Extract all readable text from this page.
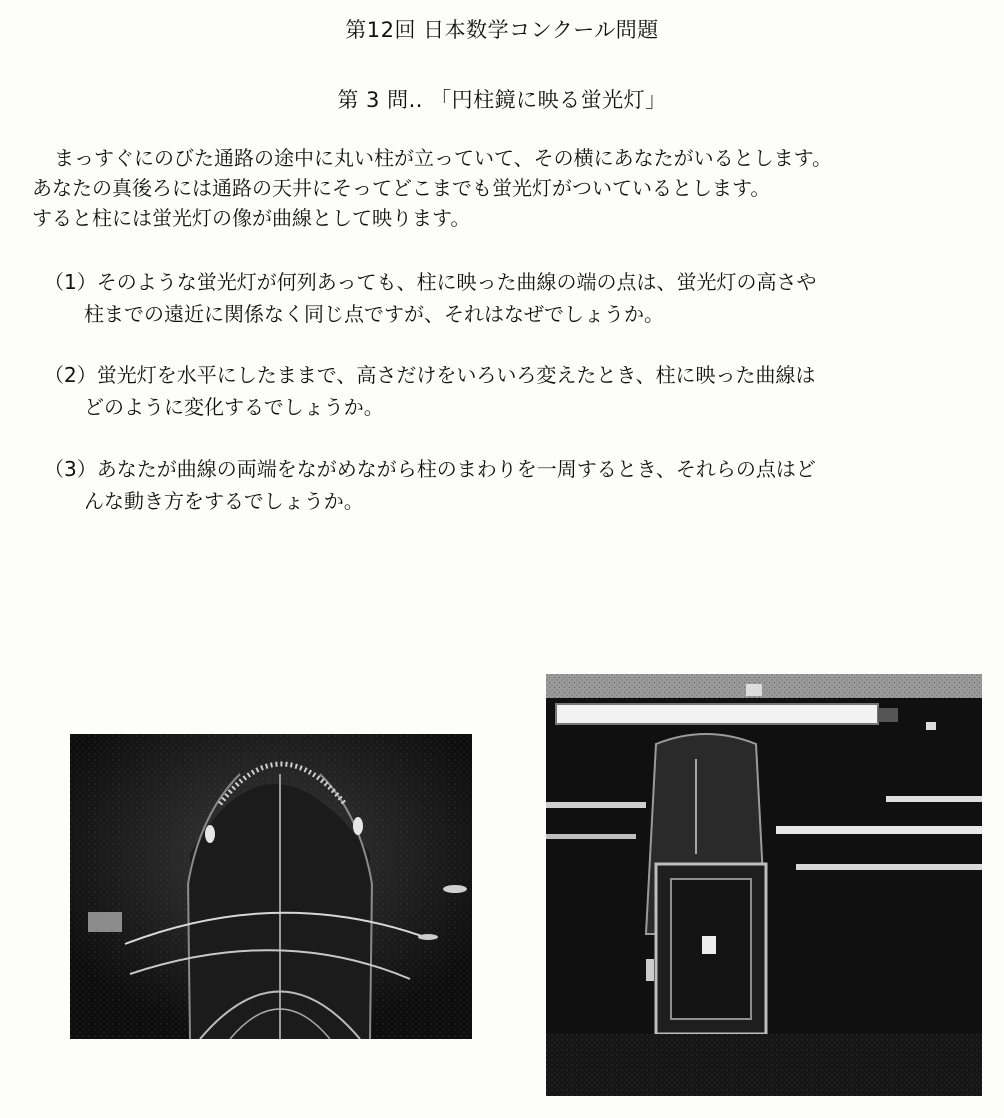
第12回 日本数学コンクール問題
第 3 問.. 「円柱鏡に映る蛍光灯」

まっすぐにのびた通路の途中に丸い柱が立っていて、その横にあなたがいるとします。

あなたの真後ろには通路の天井にそってどこまでも蛍光灯がついているとします。

すると柱には蛍光灯の像が曲線として映ります。

（1）そのような蛍光灯が何列あっても、柱に映った曲線の端の点は、蛍光灯の高さや

柱までの遠近に関係なく同じ点ですが、それはなぜでしょうか。

（2）蛍光灯を水平にしたままで、高さだけをいろいろ変えたとき、柱に映った曲線は

どのように変化するでしょうか。

（3）あなたが曲線の両端をながめながら柱のまわりを一周するとき、それらの点はど

んな動き方をするでしょうか。
